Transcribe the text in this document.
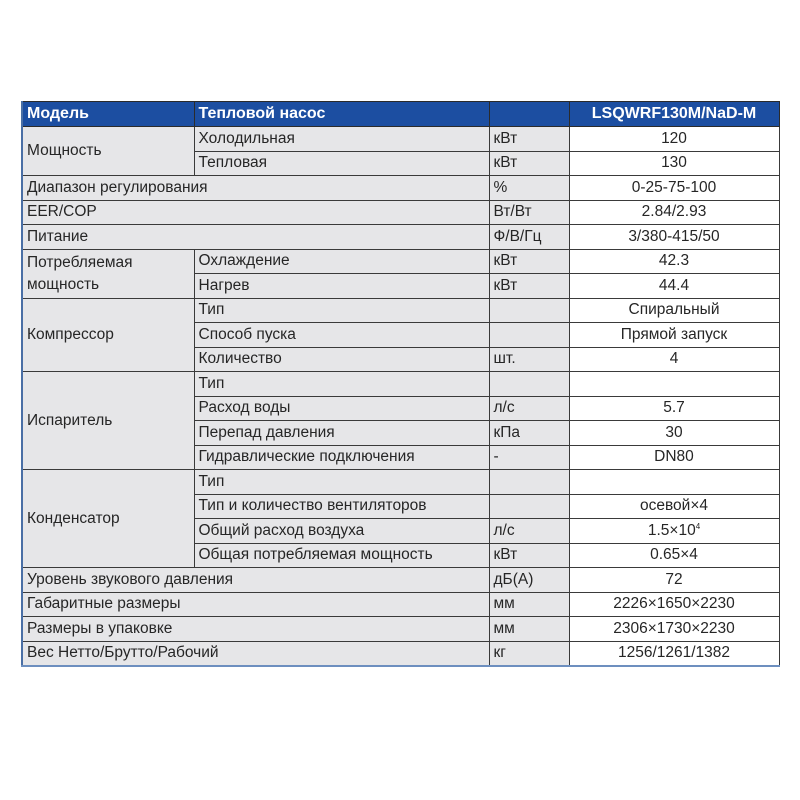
Модель	Тепловой насос		LSQWRF130M/NaD-M
Мощность	Холодильная	кВт	120
	Тепловая	кВт	130
Диапазон регулирования		%	0-25-75-100
EER/COP		Вт/Вт	2.84/2.93
Питание		Ф/В/Гц	3/380-415/50
Потребляемая мощность	Охлаждение	кВт	42.3
	Нагрев	кВт	44.4
Компрессор	Тип		Спиральный
	Способ пуска		Прямой запуск
	Количество	шт.	4
Испаритель	Тип		
	Расход воды	л/с	5.7
	Перепад давления	кПа	30
	Гидравлические подключения	-	DN80
Конденсатор	Тип		
	Тип и количество вентиляторов		осевой×4
	Общий расход воздуха	л/с	$1.5\times 10^4$
	Общая потребляемая мощность	кВт	0.65×4
Уровень звукового давления		дБ(А)	72
Габаритные размеры		мм	2226×1650×2230
Размеры в упаковке		мм	2306×1730×2230
Вес Нетто/Брутто/Рабочий		кг	1256/1261/1382
